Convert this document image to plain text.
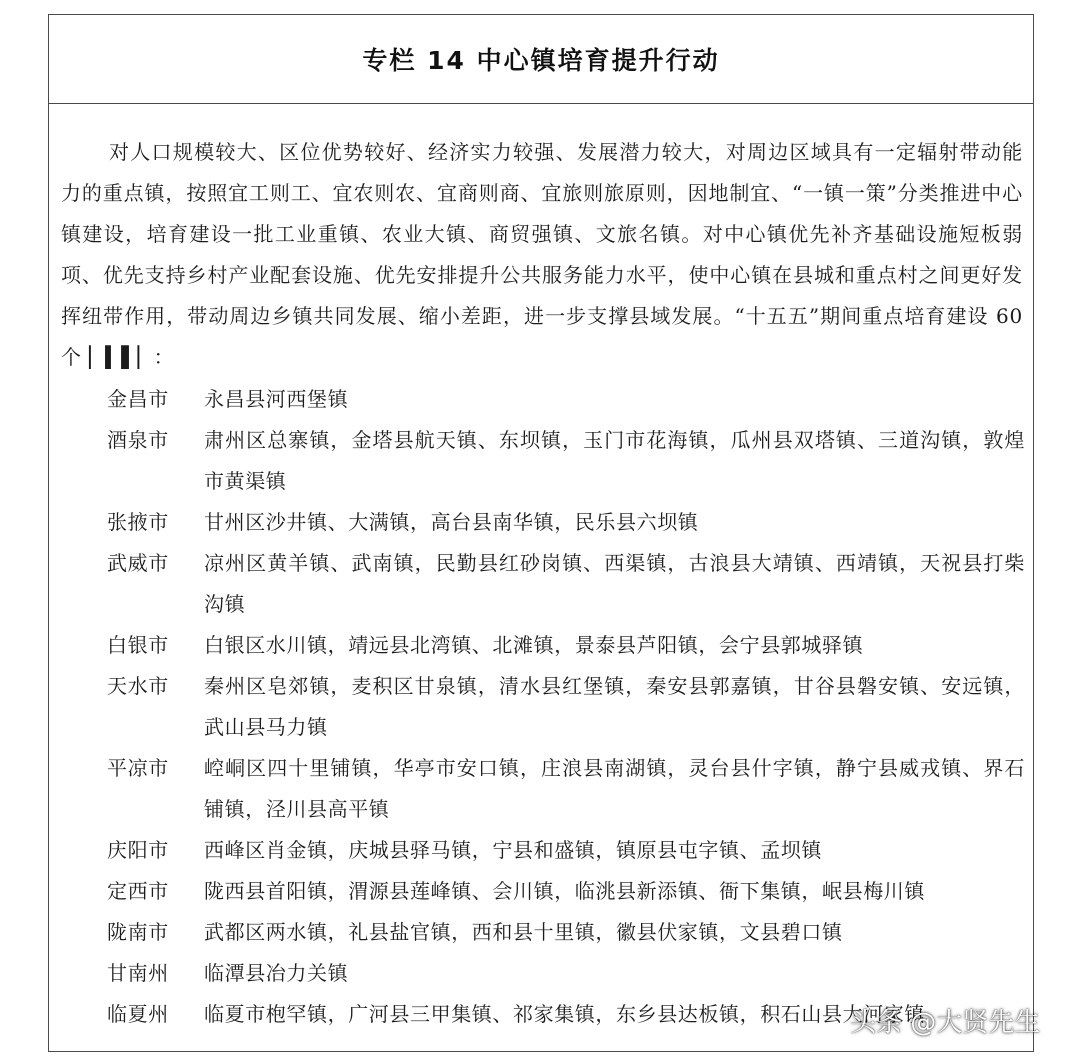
专栏 14 中心镇培育提升行动

对人口规模较大、区位优势较好、经济实力较强、发展潜力较大，对周边区域具有一定辐射带动能力的重点镇，按照宜工则工、宜农则农、宜商则商、宜旅则旅原则，因地制宜、“一镇一策”分类推进中心镇建设，培育建设一批工业重镇、农业大镇、商贸强镇、文旅名镇。对中心镇优先补齐基础设施短板弱项、优先支持乡村产业配套设施、优先安排提升公共服务能力水平，使中心镇在县城和重点村之间更好发挥纽带作用，带动周边乡镇共同发展、缩小差距，进一步支撑县域发展。“十五五”期间重点培育建设 60 个 ▏▍▌▏：

金昌市	永昌县河西堡镇
酒泉市	肃州区总寨镇，金塔县航天镇、东坝镇，玉门市花海镇，瓜州县双塔镇、三道沟镇，敦煌市黄渠镇
张掖市	甘州区沙井镇、大满镇，高台县南华镇，民乐县六坝镇
武威市	凉州区黄羊镇、武南镇，民勤县红砂岗镇、西渠镇，古浪县大靖镇、西靖镇，天祝县打柴沟镇
白银市	白银区水川镇，靖远县北湾镇、北滩镇，景泰县芦阳镇，会宁县郭城驿镇
天水市	秦州区皂郊镇，麦积区甘泉镇，清水县红堡镇，秦安县郭嘉镇，甘谷县磐安镇、安远镇，武山县马力镇
平凉市	崆峒区四十里铺镇，华亭市安口镇，庄浪县南湖镇，灵台县什字镇，静宁县威戎镇、界石铺镇，泾川县高平镇
庆阳市	西峰区肖金镇，庆城县驿马镇，宁县和盛镇，镇原县屯字镇、孟坝镇
定西市	陇西县首阳镇，渭源县莲峰镇、会川镇，临洮县新添镇、衙下集镇，岷县梅川镇
陇南市	武都区两水镇，礼县盐官镇，西和县十里镇，徽县伏家镇，文县碧口镇
甘南州	临潭县冶力关镇
临夏州	临夏市枹罕镇，广河县三甲集镇、祁家集镇，东乡县达板镇，积石山县大河家镇
头条 @大贤先生
